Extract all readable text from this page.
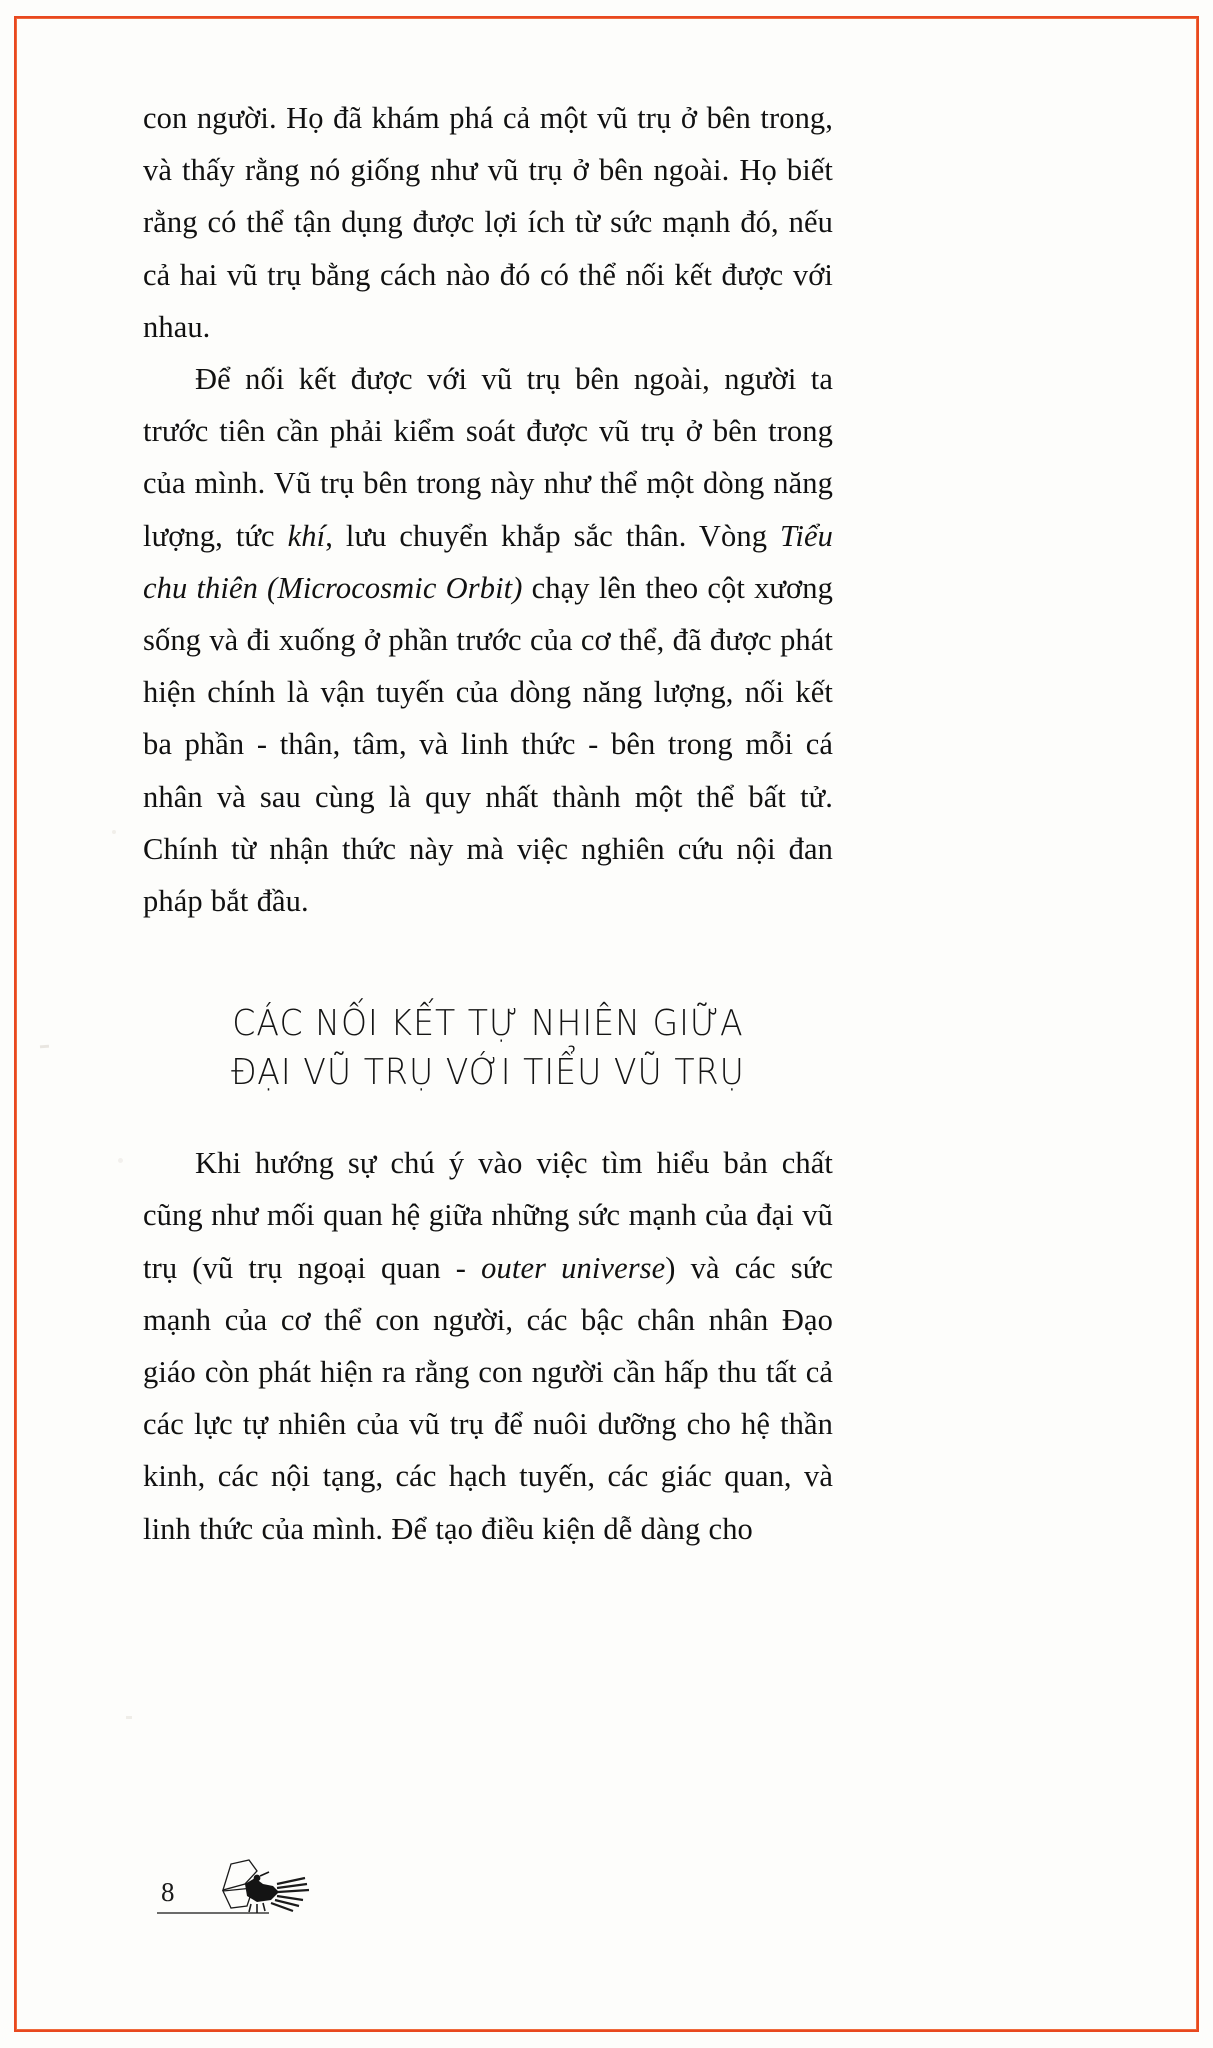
con người. Họ đã khám phá cả một vũ trụ ở bên trong, và thấy rằng nó giống như vũ trụ ở bên ngoài. Họ biết rằng có thể tận dụng được lợi ích từ sức mạnh đó, nếu cả hai vũ trụ bằng cách nào đó có thể nối kết được với nhau.

Để nối kết được với vũ trụ bên ngoài, người ta trước tiên cần phải kiểm soát được vũ trụ ở bên trong của mình. Vũ trụ bên trong này như thể một dòng năng lượng, tức khí, lưu chuyển khắp sắc thân. Vòng Tiểu chu thiên (Microcosmic Orbit) chạy lên theo cột xương sống và đi xuống ở phần trước của cơ thể, đã được phát hiện chính là vận tuyến của dòng năng lượng, nối kết ba phần - thân, tâm, và linh thức - bên trong mỗi cá nhân và sau cùng là quy nhất thành một thể bất tử. Chính từ nhận thức này mà việc nghiên cứu nội đan pháp bắt đầu.

CÁC NỐI KẾT TỰ NHIÊN GIỮA
ĐẠI VŨ TRỤ VỚI TIỂU VŨ TRỤ

Khi hướng sự chú ý vào việc tìm hiểu bản chất cũng như mối quan hệ giữa những sức mạnh của đại vũ trụ (vũ trụ ngoại quan - outer universe) và các sức mạnh của cơ thể con người, các bậc chân nhân Đạo giáo còn phát hiện ra rằng con người cần hấp thu tất cả các lực tự nhiên của vũ trụ để nuôi dưỡng cho hệ thần kinh, các nội tạng, các hạch tuyến, các giác quan, và linh thức của mình. Để tạo điều kiện dễ dàng cho

8
